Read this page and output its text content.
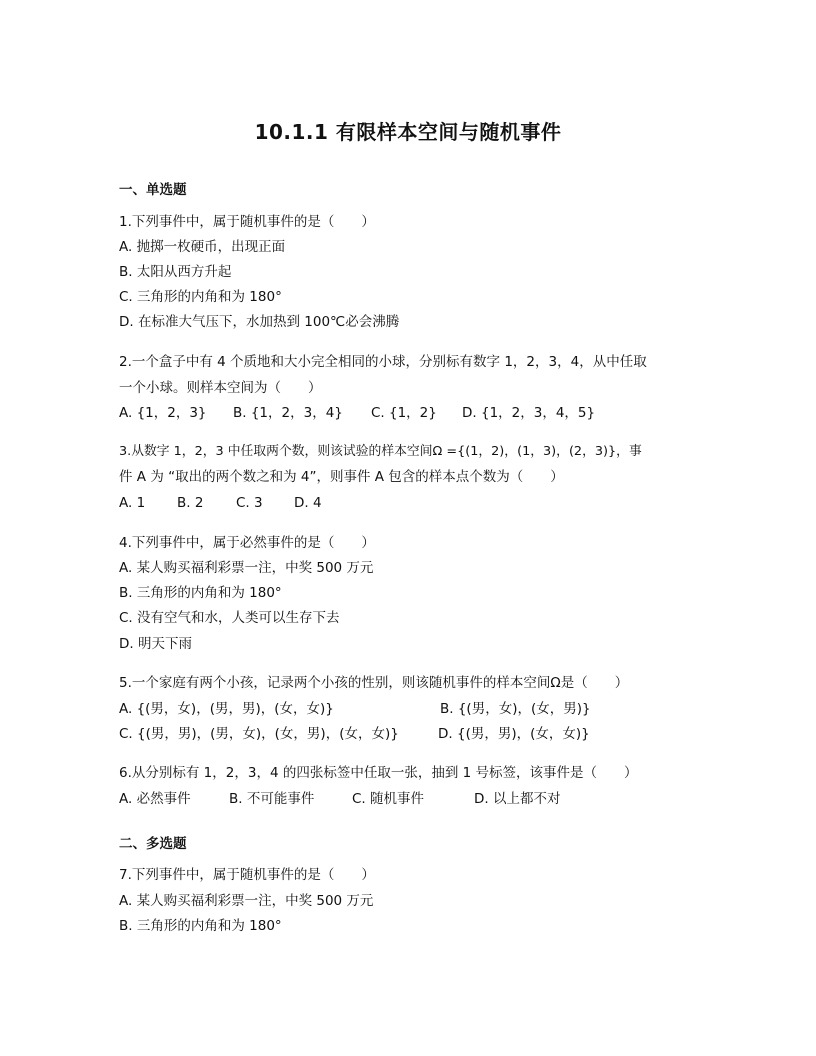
10.1.1 有限样本空间与随机事件
一、单选题
1.下列事件中，属于随机事件的是（　　）
A. 抛掷一枚硬币，出现正面
B. 太阳从西方升起
C. 三角形的内角和为 180°
D. 在标准大气压下，水加热到 100℃必会沸腾
2.一个盒子中有 4 个质地和大小完全相同的小球，分别标有数字 1，2，3，4，从中任取
一个小球。则样本空间为（　　）
A. {1，2，3} B. {1，2，3，4} C. {1，2} D. {1，2，3，4，5}
3.从数字 1，2，3 中任取两个数，则该试验的样本空间Ω ={(1，2)，(1，3)，(2，3)}，事
件 A 为 “取出的两个数之和为 4”，则事件 A 包含的样本点个数为（　　）
A. 1 B. 2 C. 3 D. 4
4.下列事件中，属于必然事件的是（　　）
A. 某人购买福利彩票一注，中奖 500 万元
B. 三角形的内角和为 180°
C. 没有空气和水，人类可以生存下去
D. 明天下雨
5.一个家庭有两个小孩，记录两个小孩的性别，则该随机事件的样本空间Ω是（　　）
A. {(男，女)，(男，男)，(女，女)}	B. {(男，女)，(女，男)}
C. {(男，男)，(男，女)，(女，男)，(女，女)}	D. {(男，男)，(女，女)}
6.从分别标有 1，2，3，4 的四张标签中任取一张，抽到 1 号标签，该事件是（　　）
A. 必然事件	B. 不可能事件	C. 随机事件	D. 以上都不对
二、多选题
7.下列事件中，属于随机事件的是（　　）
A. 某人购买福利彩票一注，中奖 500 万元
B. 三角形的内角和为 180°
